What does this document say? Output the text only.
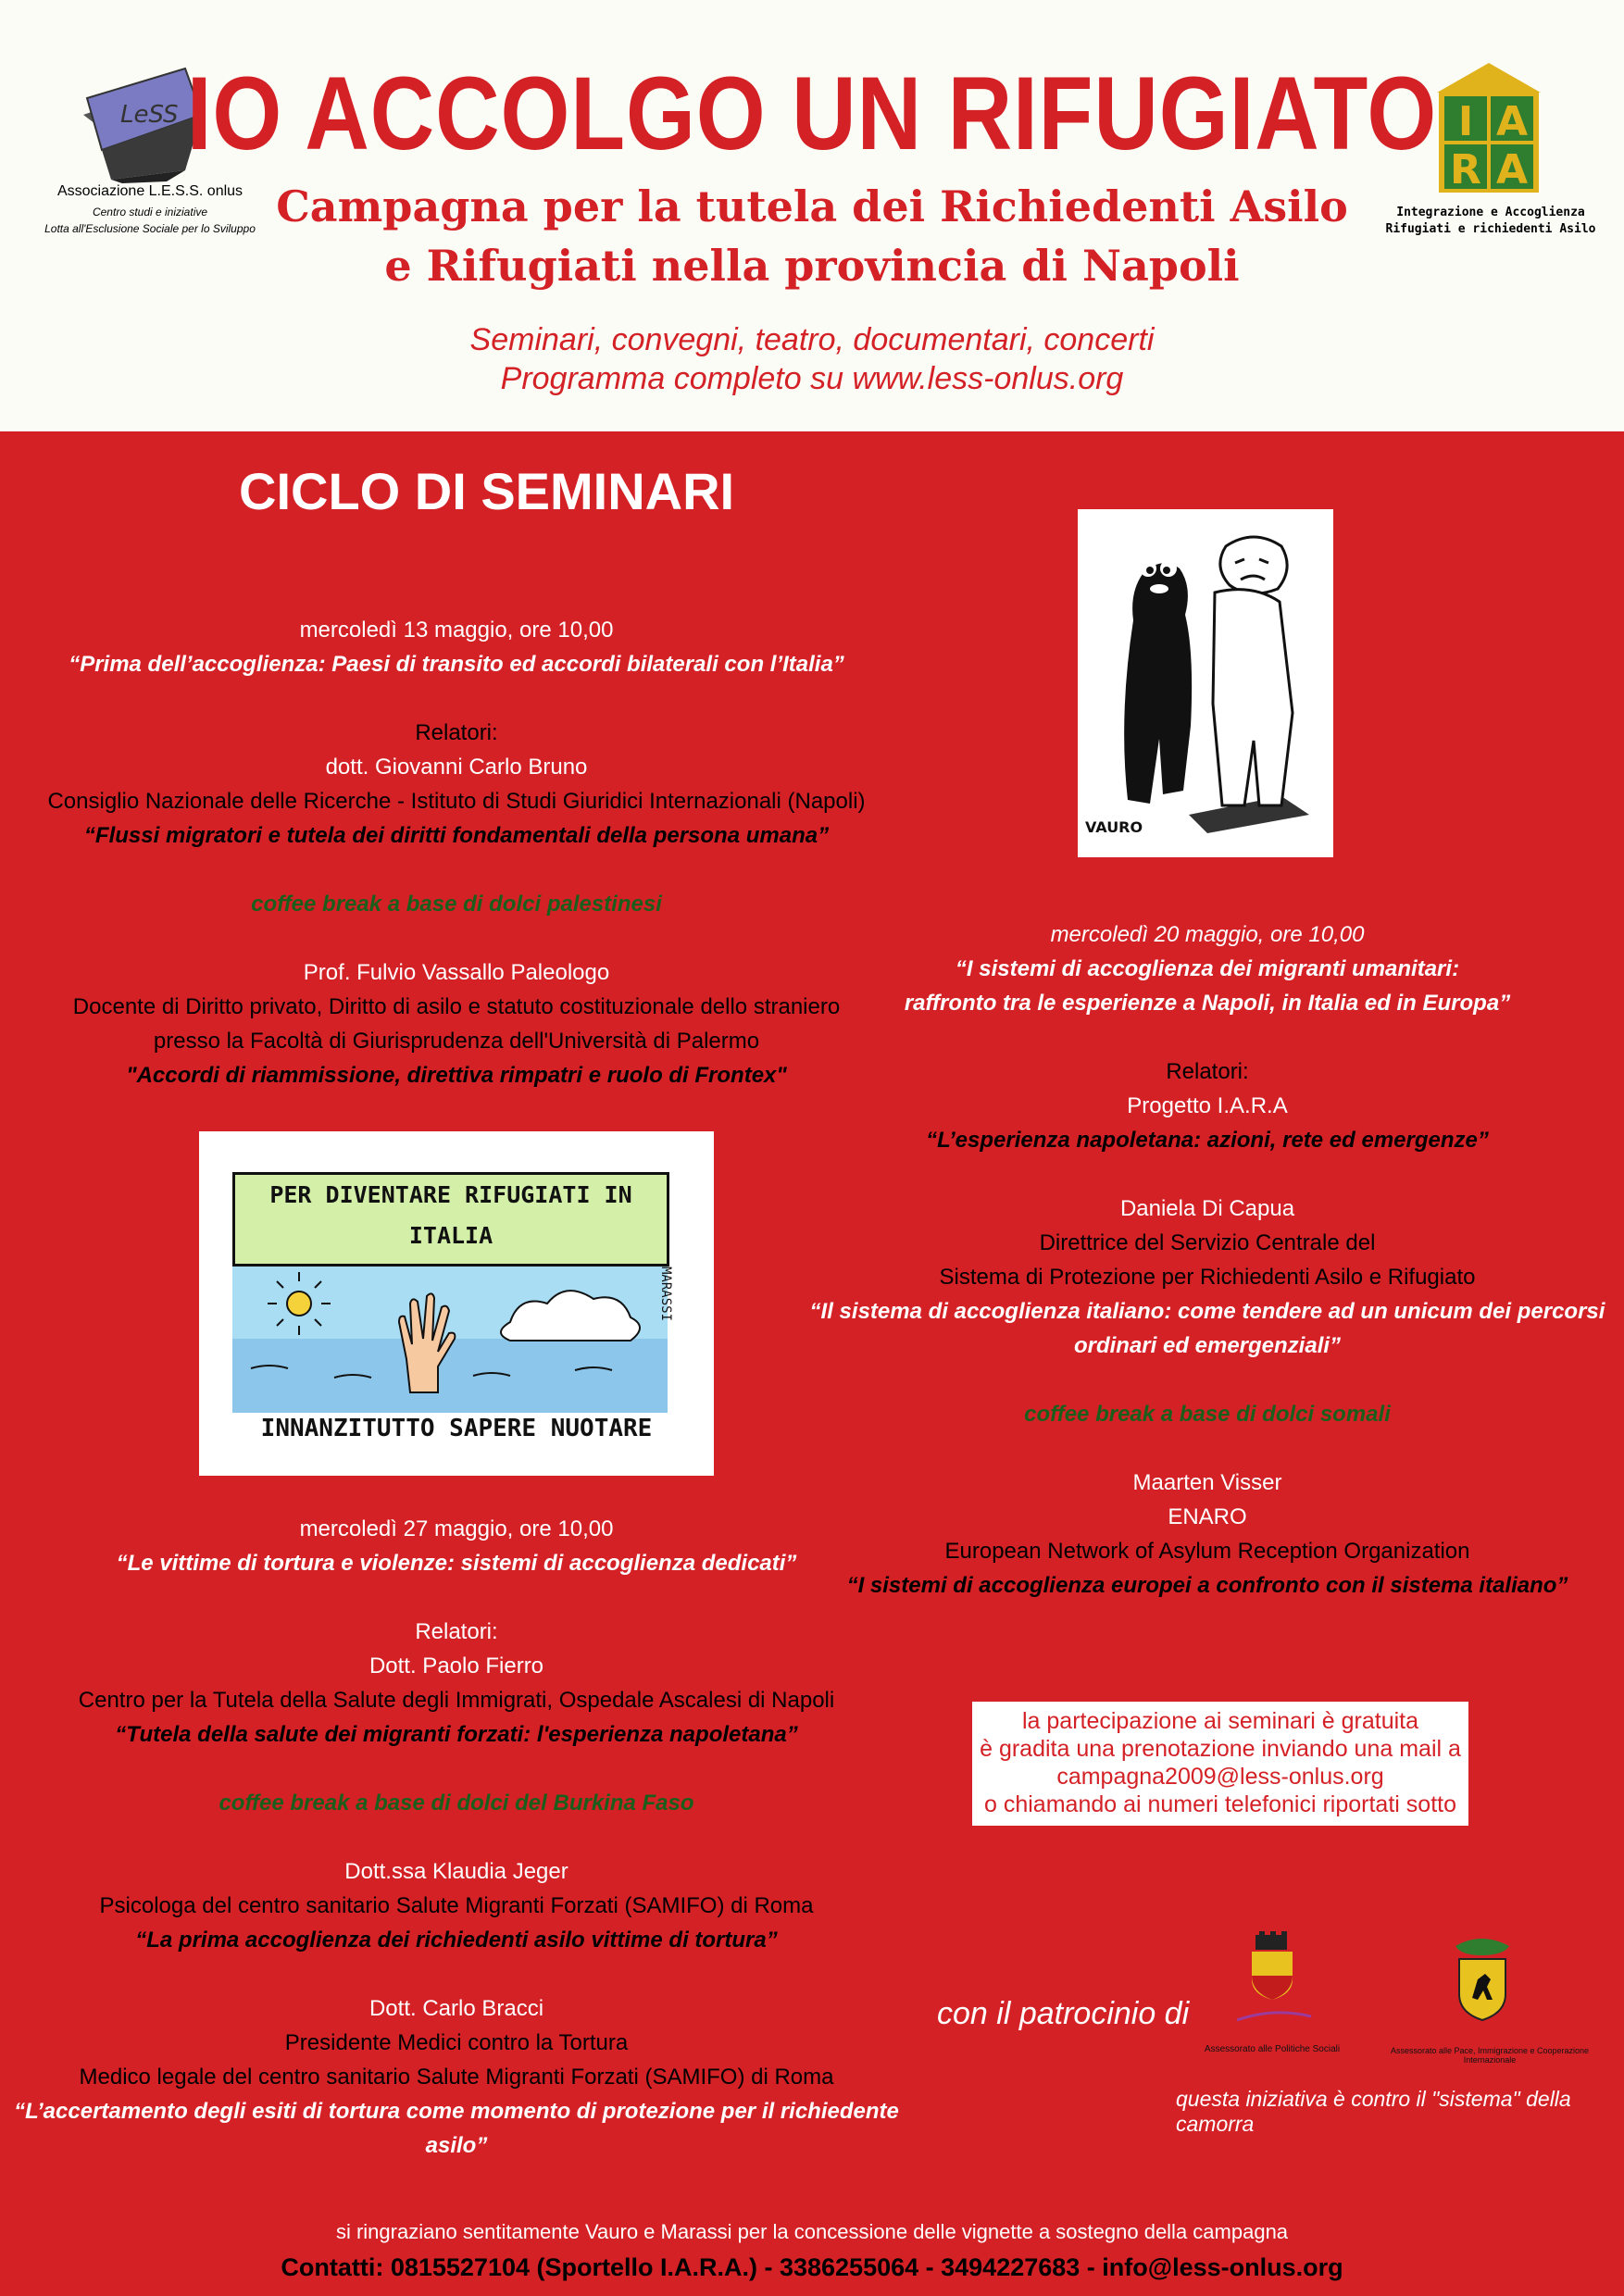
LeSS
Associazione L.E.S.S. onlus
Centro studi e iniziative
Lotta all'Esclusione Sociale per lo Sviluppo
I A
R A
Integrazione e Accoglienza
Rifugiati e richiedenti Asilo
IO ACCOLGO UN RIFUGIATO
Campagna per la tutela dei Richiedenti Asilo
e Rifugiati nella provincia di Napoli
Seminari, convegni, teatro, documentari, concerti
Programma completo su www.less-onlus.org
CICLO DI SEMINARI
mercoledì 13 maggio, ore 10,00
“Prima dell’accoglienza: Paesi di transito ed accordi bilaterali con l’Italia”
Relatori:
dott. Giovanni Carlo Bruno
Consiglio Nazionale delle Ricerche - Istituto di Studi Giuridici Internazionali (Napoli)
“Flussi migratori e tutela dei diritti fondamentali della persona umana”
coffee break a base di dolci palestinesi
Prof. Fulvio Vassallo Paleologo
Docente di Diritto privato, Diritto di asilo e statuto costituzionale dello straniero
presso la Facoltà di Giurisprudenza dell'Università di Palermo
"Accordi di riammissione, direttiva rimpatri e ruolo di Frontex"
PER DIVENTARE RIFUGIATI IN ITALIA
MARASSI
INNANZITUTTO SAPERE NUOTARE
mercoledì 27 maggio, ore 10,00
“Le vittime di tortura e violenze: sistemi di accoglienza dedicati”
Relatori:
Dott. Paolo Fierro
Centro per la Tutela della Salute degli Immigrati, Ospedale Ascalesi di Napoli
“Tutela della salute dei migranti forzati: l'esperienza napoletana”
coffee break a base di dolci del Burkina Faso
Dott.ssa Klaudia Jeger
Psicologa del centro sanitario Salute Migranti Forzati (SAMIFO) di Roma
“La prima accoglienza dei richiedenti asilo vittime di tortura”
Dott. Carlo Bracci
Presidente Medici contro la Tortura
Medico legale del centro sanitario Salute Migranti Forzati (SAMIFO) di Roma
“L’accertamento degli esiti di tortura come momento di protezione per il richiedente asilo”
VAURO
mercoledì 20 maggio, ore 10,00
“I sistemi di accoglienza dei migranti umanitari:
raffronto tra le esperienze a Napoli, in Italia ed in Europa”
Relatori:
Progetto I.A.R.A
“L’esperienza napoletana: azioni, rete ed emergenze”
Daniela Di Capua
Direttrice del Servizio Centrale del
Sistema di Protezione per Richiedenti Asilo e Rifugiato
“Il sistema di accoglienza italiano: come tendere ad un unicum dei percorsi
ordinari ed emergenziali”
coffee break a base di dolci somali
Maarten Visser
ENARO
European Network of Asylum Reception Organization
“I sistemi di accoglienza europei a confronto con il sistema italiano”
la partecipazione ai seminari è gratuita
è gradita una prenotazione inviando una mail a
campagna2009@less-onlus.org
o chiamando ai numeri telefonici riportati sotto
con il patrocinio di
Assessorato alle Politiche Sociali	Assessorato alle Pace, Immigrazione e Cooperazione Internazionale
questa iniziativa è contro il "sistema" della camorra
si ringraziano sentitamente Vauro e Marassi per la concessione delle vignette a sostegno della campagna
Contatti: 0815527104 (Sportello I.A.R.A.) - 3386255064 - 3494227683 - info@less-onlus.org
